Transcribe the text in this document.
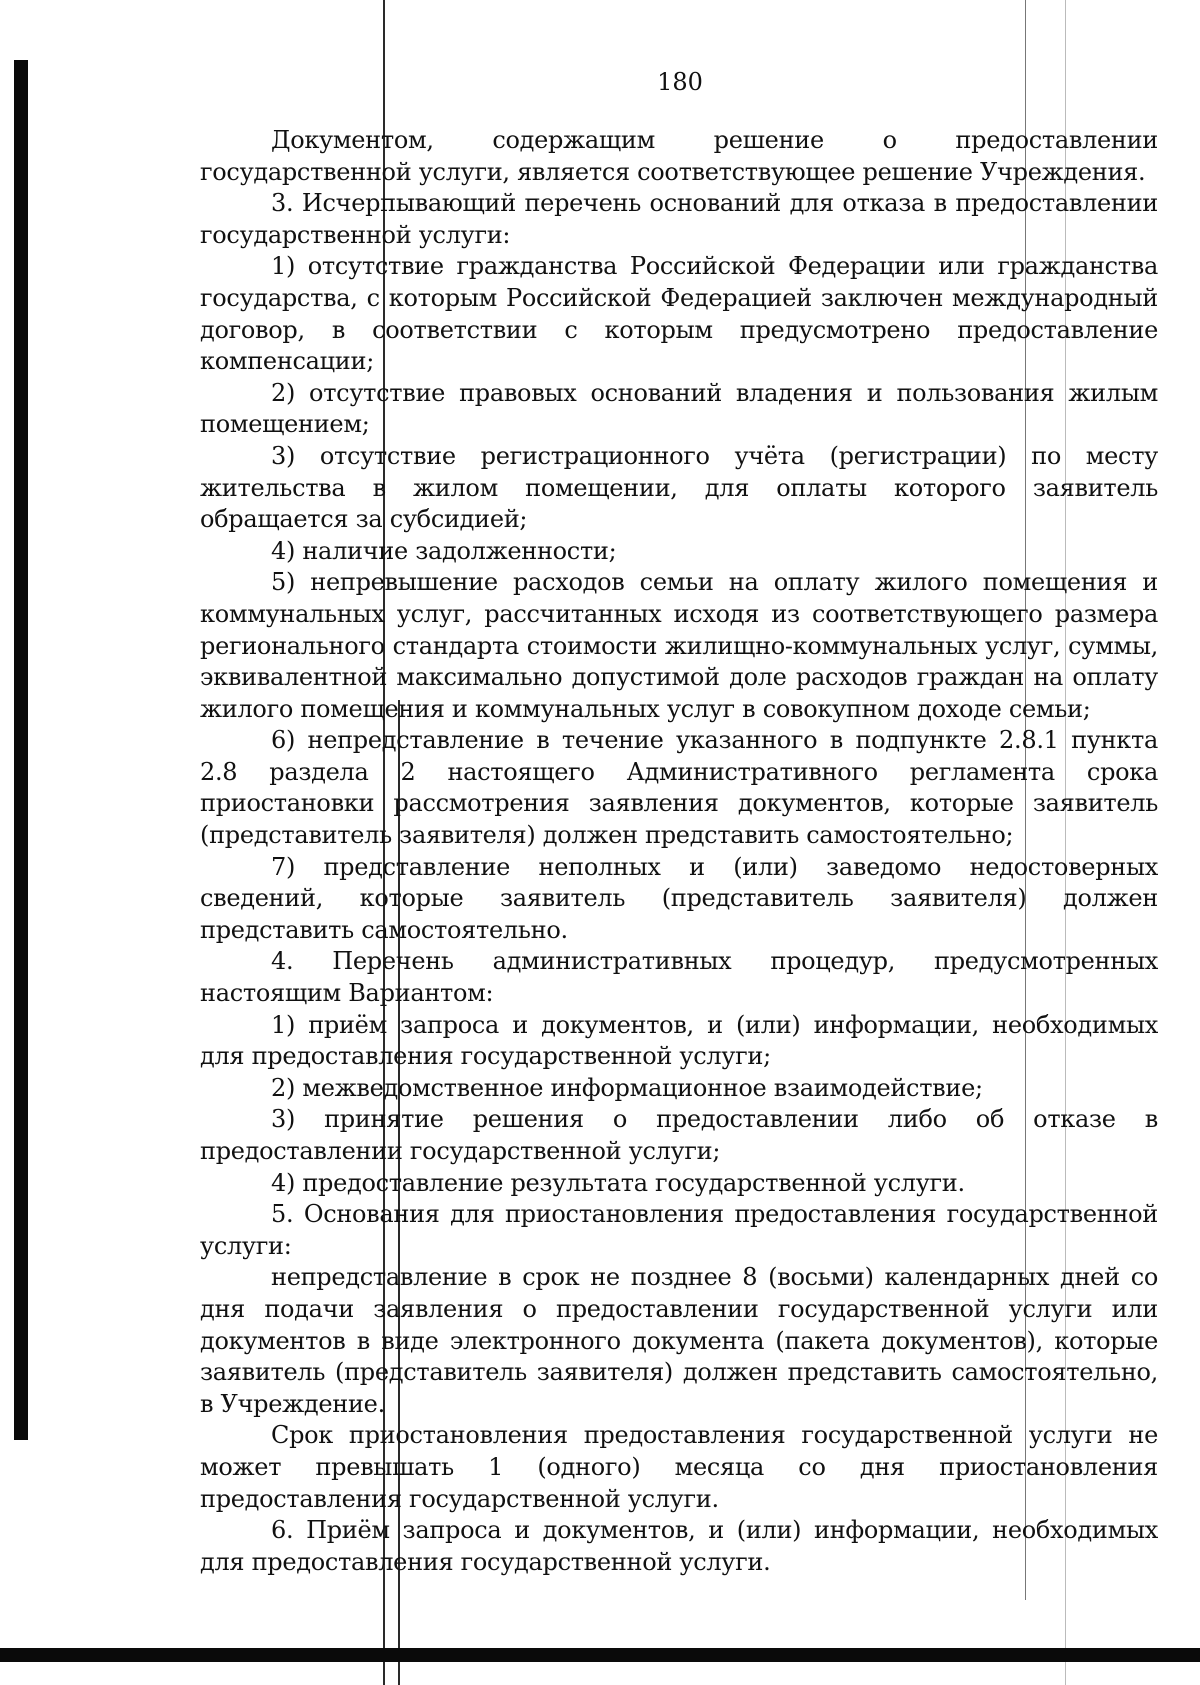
180

Документом, содержащим решение о предоставлении государственной услуги, является соответствующее решение Учреждения.

3. Исчерпывающий перечень оснований для отказа в предоставлении государственной услуги:

1) отсутствие гражданства Российской Федерации или гражданства государства, с которым Российской Федерацией заключен международный договор, в соответствии с которым предусмотрено предоставление компенсации;

2) отсутствие правовых оснований владения и пользования жилым помещением;

3) отсутствие регистрационного учёта (регистрации) по месту жительства в жилом помещении, для оплаты которого заявитель обращается за субсидией;

4) наличие задолженности;

5) непревышение расходов семьи на оплату жилого помещения и коммунальных услуг, рассчитанных исходя из соответствующего размера регионального стандарта стоимости жилищно-коммунальных услуг, суммы, эквивалентной максимально допустимой доле расходов граждан на оплату жилого помещения и коммунальных услуг в совокупном доходе семьи;

6) непредставление в течение указанного в подпункте 2.8.1 пункта 2.8 раздела 2 настоящего Административного регламента срока приостановки рассмотрения заявления документов, которые заявитель (представитель заявителя) должен представить самостоятельно;

7) представление неполных и (или) заведомо недостоверных сведений, которые заявитель (представитель заявителя) должен представить самостоятельно.

4. Перечень административных процедур, предусмотренных настоящим Вариантом:

1) приём запроса и документов, и (или) информации, необходимых для предоставления государственной услуги;

2) межведомственное информационное взаимодействие;

3) принятие решения о предоставлении либо об отказе в предоставлении государственной услуги;

4) предоставление результата государственной услуги.

5. Основания для приостановления предоставления государственной услуги:

непредставление в срок не позднее 8 (восьми) календарных дней со дня подачи заявления о предоставлении государственной услуги или документов в виде электронного документа (пакета документов), которые заявитель (представитель заявителя) должен представить самостоятельно, в Учреждение.

Срок приостановления предоставления государственной услуги не может превышать 1 (одного) месяца со дня приостановления предоставления государственной услуги.

6. Приём запроса и документов, и (или) информации, необходимых для предоставления государственной услуги.
